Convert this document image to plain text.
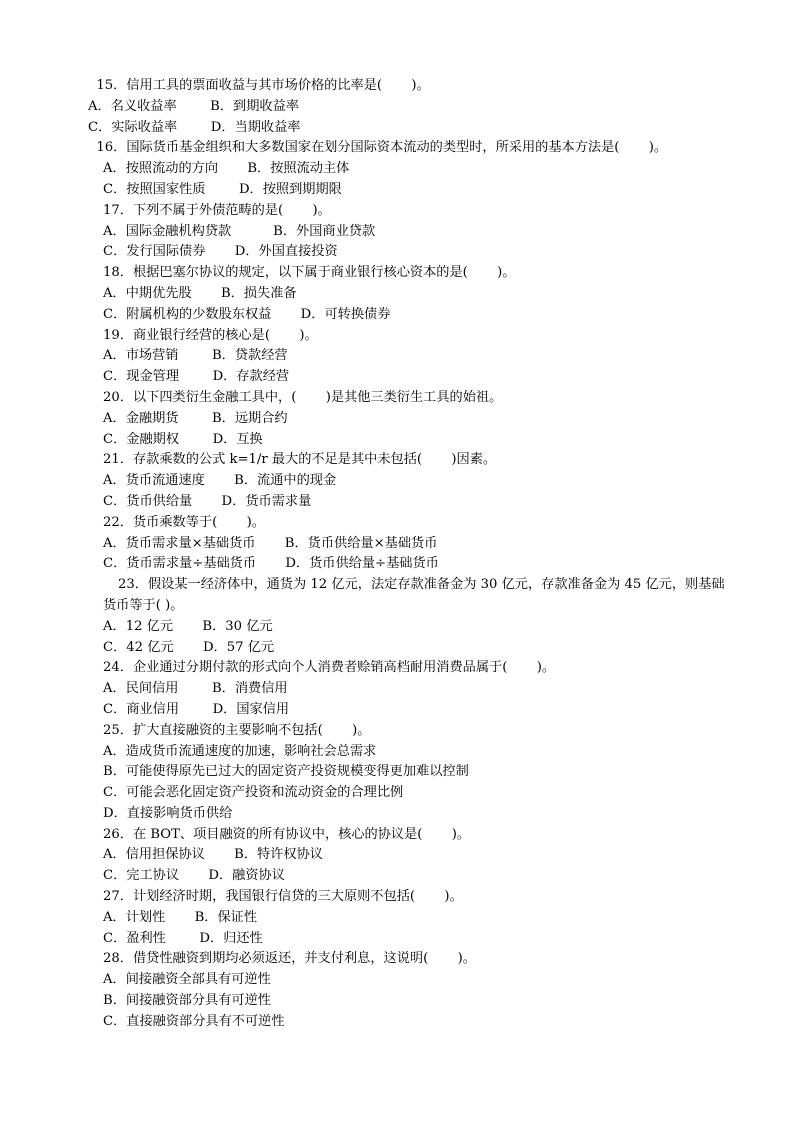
15．信用工具的票面收益与其市场价格的比率是(       )。
A．名义收益率        B．到期收益率
C．实际收益率        D．当期收益率
16．国际货币基金组织和大多数国家在划分国际资本流动的类型时，所采用的基本方法是(       )。
A．按照流动的方向       B．按照流动主体
C．按照国家性质        D．按照到期期限
17．下列不属于外债范畴的是(       )。
A．国际金融机构贷款          B．外国商业贷款
C．发行国际债券       D．外国直接投资
18．根据巴塞尔协议的规定，以下属于商业银行核心资本的是(       )。
A．中期优先股       B．损失准备
C．附属机构的少数股东权益       D．可转换债券
19．商业银行经营的核心是(       )。
A．市场营销        B．贷款经营
C．现金管理        D．存款经营
20．以下四类衍生金融工具中，(       )是其他三类衍生工具的始祖。
A．金融期货        B．远期合约
C．金融期权        D．互换
21．存款乘数的公式 k=1/r 最大的不足是其中未包括(       )因素。
A．货币流通速度       B．流通中的现金
C．货币供给量       D．货币需求量
22．货币乘数等于(       )。
A．货币需求量×基础货币       B．货币供给量×基础货币
C．货币需求量÷基础货币       D．货币供给量÷基础货币
23．假设某一经济体中，通货为 12 亿元，法定存款准备金为 30 亿元，存款准备金为 45 亿元，则基础货币等于( )。
A．12 亿元       B．30 亿元
C．42 亿元       D．57 亿元
24．企业通过分期付款的形式向个人消费者赊销高档耐用消费品属于(       )。
A．民间信用        B．消费信用
C．商业信用        D．国家信用
25．扩大直接融资的主要影响不包括(       )。
A．造成货币流通速度的加速，影响社会总需求
B．可能使得原先已过大的固定资产投资规模变得更加难以控制
C．可能会恶化固定资产投资和流动资金的合理比例
D．直接影响货币供给
26．在 BOT、项目融资的所有协议中，核心的协议是(       )。
A．信用担保协议       B．特许权协议
C．完工协议       D．融资协议
27．计划经济时期，我国银行信贷的三大原则不包括(       )。
A．计划性       B．保证性
C．盈利性        D．归还性
28．借贷性融资到期均必须返还，并支付利息，这说明(       )。
A．间接融资全部具有可逆性
B．间接融资部分具有可逆性
C．直接融资部分具有不可逆性
